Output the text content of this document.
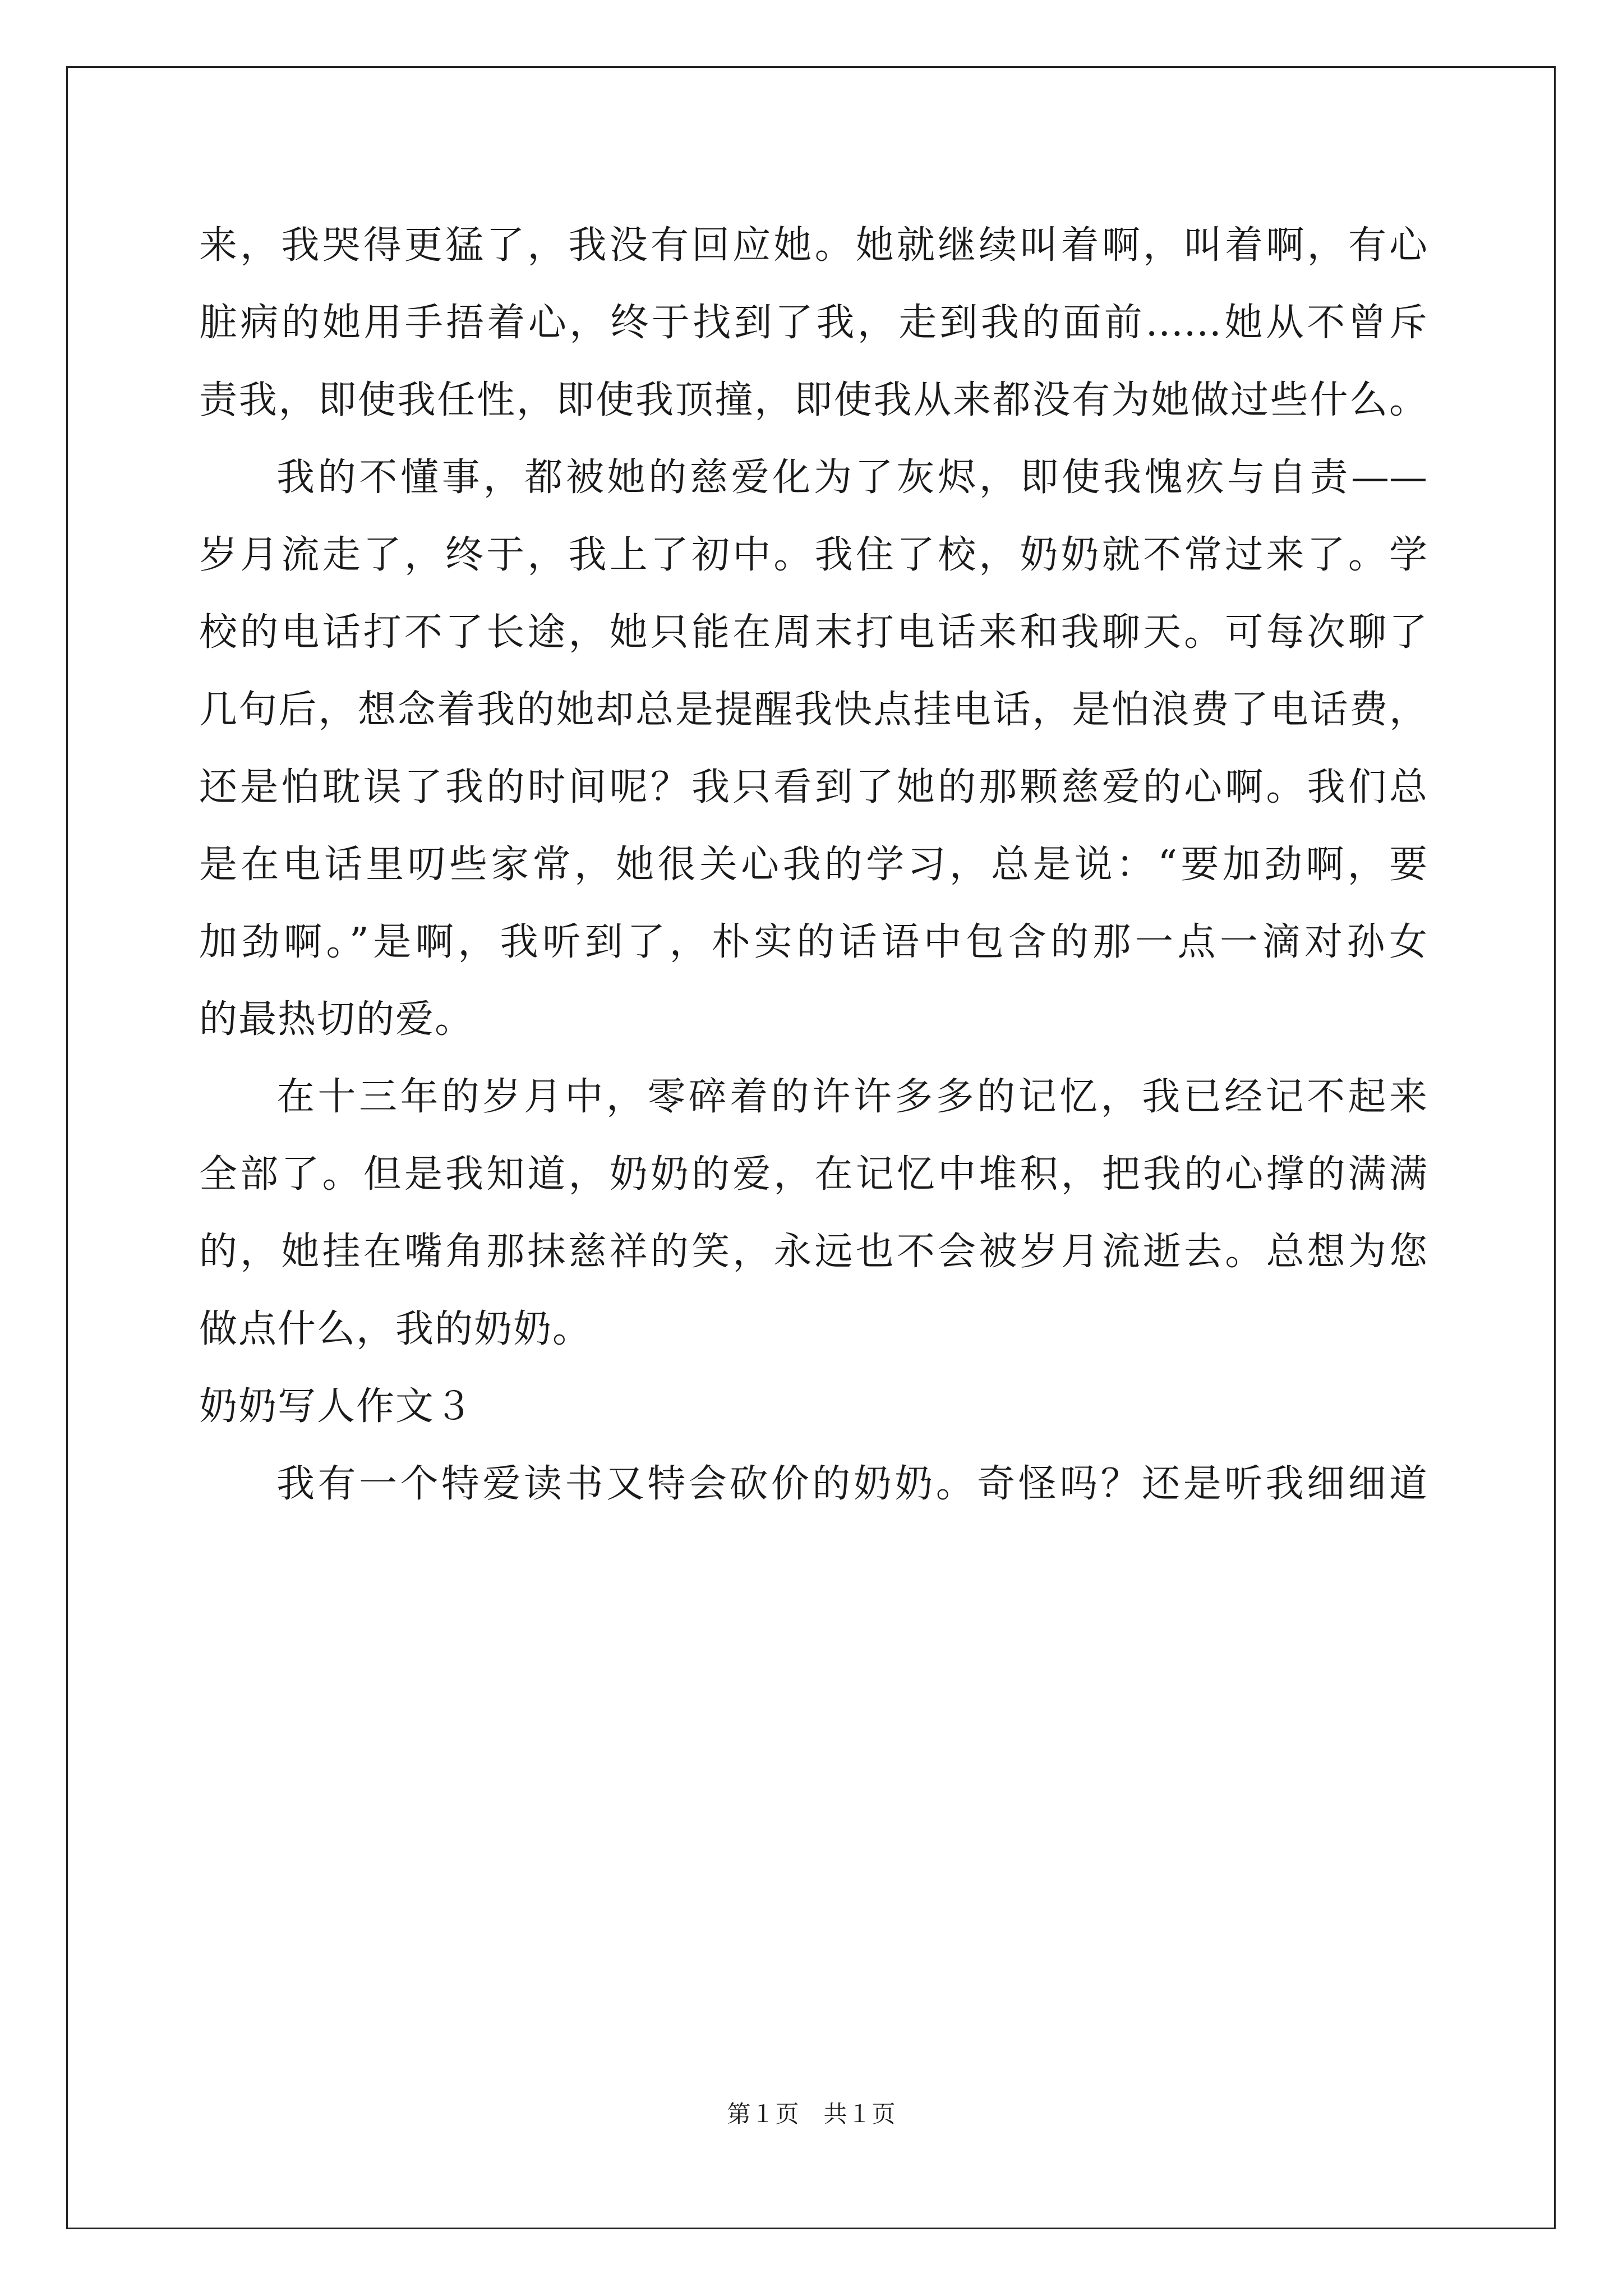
来，我哭得更猛了，我没有回应她。她就继续叫着啊，叫着啊，有心
脏病的她用手捂着心，终于找到了我，走到我的面前……她从不曾斥
责我，即使我任性，即使我顶撞，即使我从来都没有为她做过些什么。
我的不懂事，都被她的慈爱化为了灰烬，即使我愧疚与自责——
岁月流走了，终于，我上了初中。我住了校，奶奶就不常过来了。学
校的电话打不了长途，她只能在周末打电话来和我聊天。可每次聊了
几句后，想念着我的她却总是提醒我快点挂电话，是怕浪费了电话费，
还是怕耽误了我的时间呢？我只看到了她的那颗慈爱的心啊。我们总
是在电话里叨些家常，她很关心我的学习，总是说：“要加劲啊，要
加劲啊。”是啊，我听到了，朴实的话语中包含的那一点一滴对孙女
的最热切的爱。
在十三年的岁月中，零碎着的许许多多的记忆，我已经记不起来
全部了。但是我知道，奶奶的爱，在记忆中堆积，把我的心撑的满满
的，她挂在嘴角那抹慈祥的笑，永远也不会被岁月流逝去。总想为您
做点什么，我的奶奶。
奶奶写人作文３
我有一个特爱读书又特会砍价的奶奶。奇怪吗？还是听我细细道
第１页　共１页
